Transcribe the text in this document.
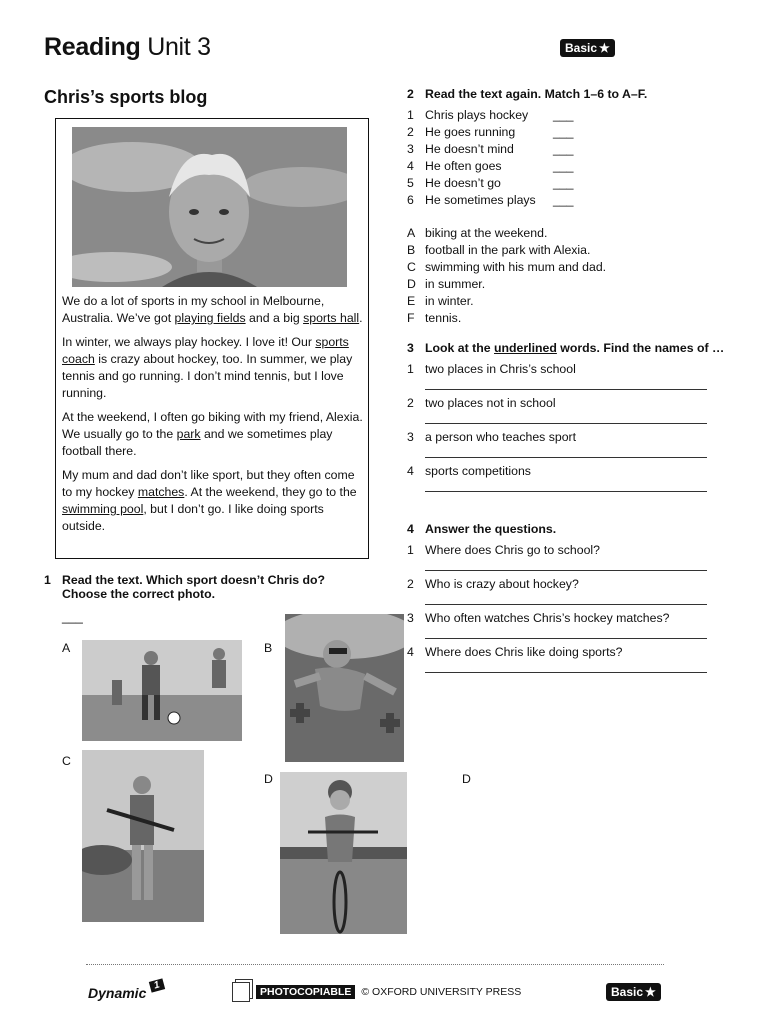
Reading Unit 3	Basic ★
Chris’s sports blog

We do a lot of sports in my school in Melbourne, Australia. We’ve got playing fields and a big sports hall.

In winter, we always play hockey. I love it! Our sports coach is crazy about hockey, too. In summer, we play tennis and go running. I don’t mind tennis, but I love running.

At the weekend, I often go biking with my friend, Alexia. We usually go to the park and we sometimes play football there.

My mum and dad don’t like sport, but they often come to my hockey matches. At the weekend, they go to the swimming pool, but I don’t go. I like doing sports outside.

1 Read the text. Which sport doesn’t Chris do? Choose the correct photo.
___
A	B
C
D	D
2 Read the text again. Match 1–6 to A–F.
1 Chris plays hockey	___
2 He goes running	___
3 He doesn’t mind	___
4 He often goes	___
5 He doesn’t go	___
6 He sometimes plays	___
A biking at the weekend.
B football in the park with Alexia.
C swimming with his mum and dad.
D in summer.
E in winter.
F tennis.
3 Look at the underlined words. Find the names of …
1 two places in Chris’s school
2 two places not in school
3 a person who teaches sport
4 sports competitions
4 Answer the questions.
1 Where does Chris go to school?
2 Who is crazy about hockey?
3 Who often watches Chris’s hockey matches?
4 Where does Chris like doing sports?
Dynamic 1
PHOTOCOPIABLE © OXFORD UNIVERSITY PRESS	Basic ★
